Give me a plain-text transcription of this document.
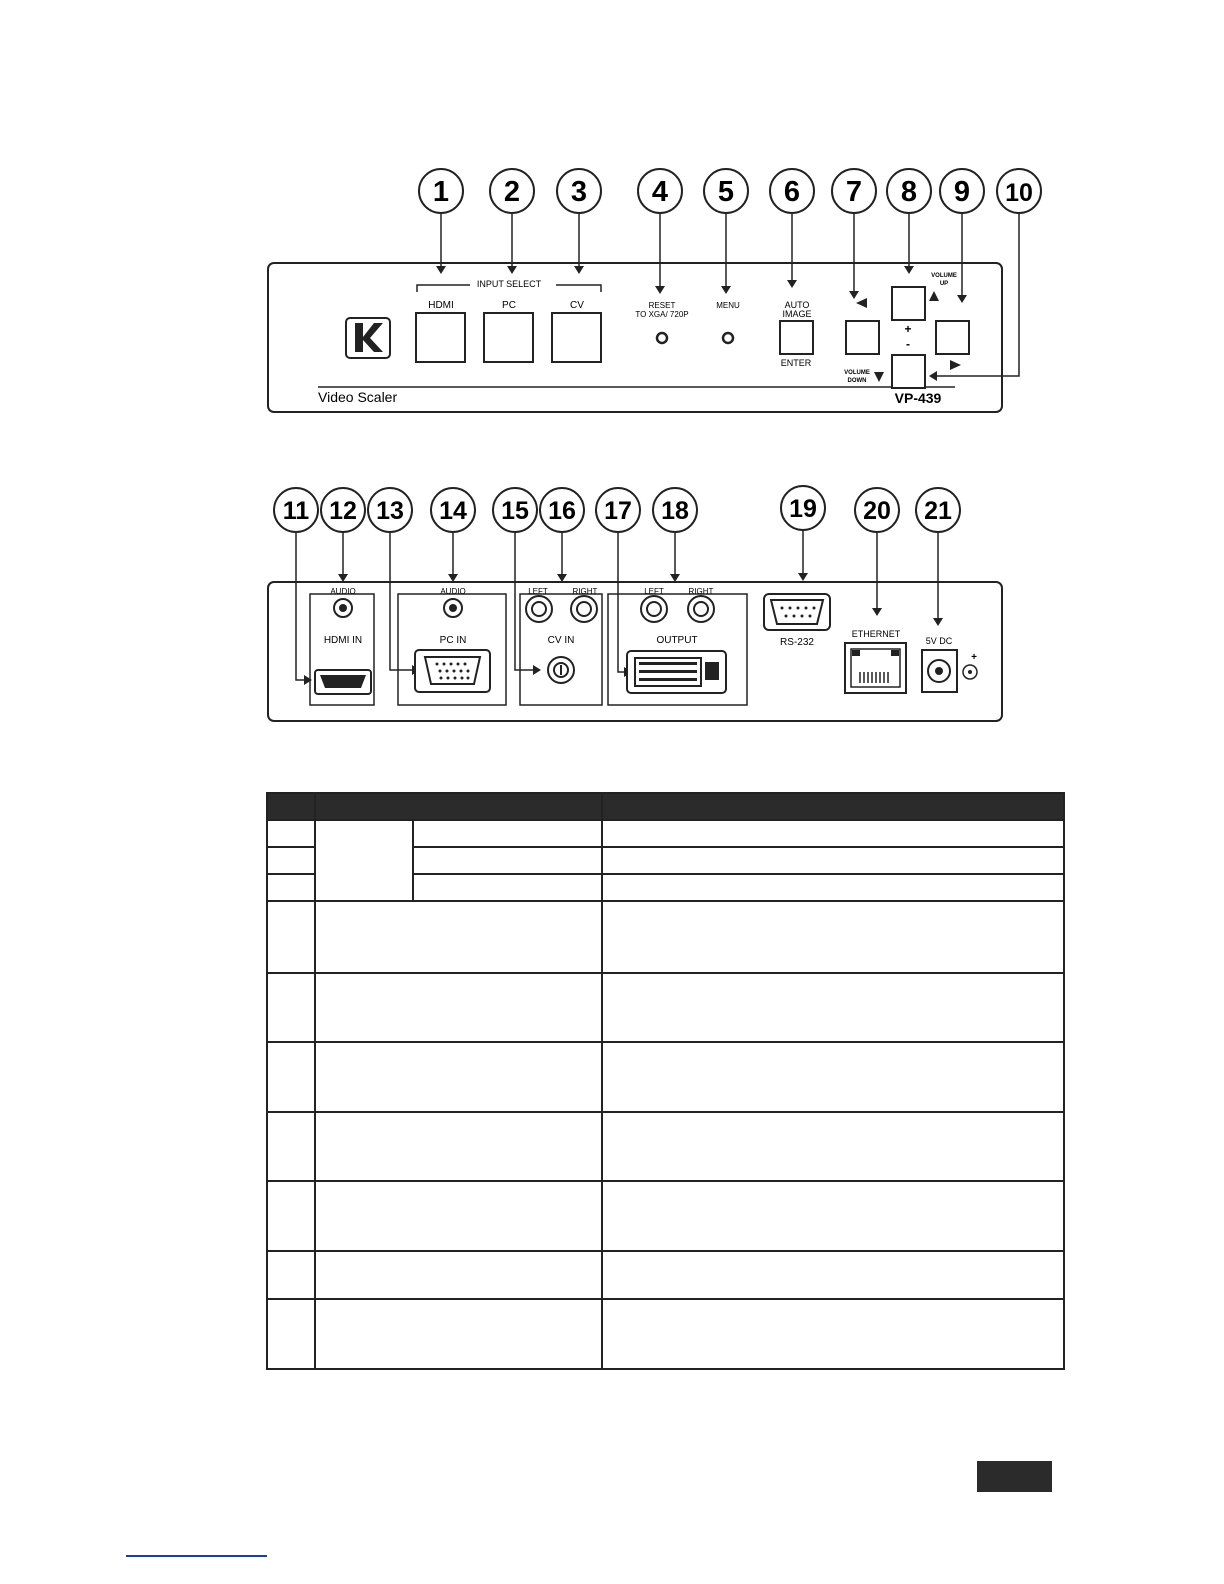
1 2 3 4 5 6 7 8 9 10
KRAMER
INPUT SELECT
HDMI	PC	CV	RESET
TO XGA/ 720P
MENU	AUTO
IMAGE
ENTER
+
-
VOLUME
UP
VOLUME
DOWN
Video Scaler	VP-439
11 12 13 14 15 16 17 18	19 20 21
AUDIO
HDMI IN
AUDIO
PC IN
LEFT	RIGHT
CV IN
LEFT	RIGHT
OUTPUT	RS-232
ETHERNET
5V DC
+
